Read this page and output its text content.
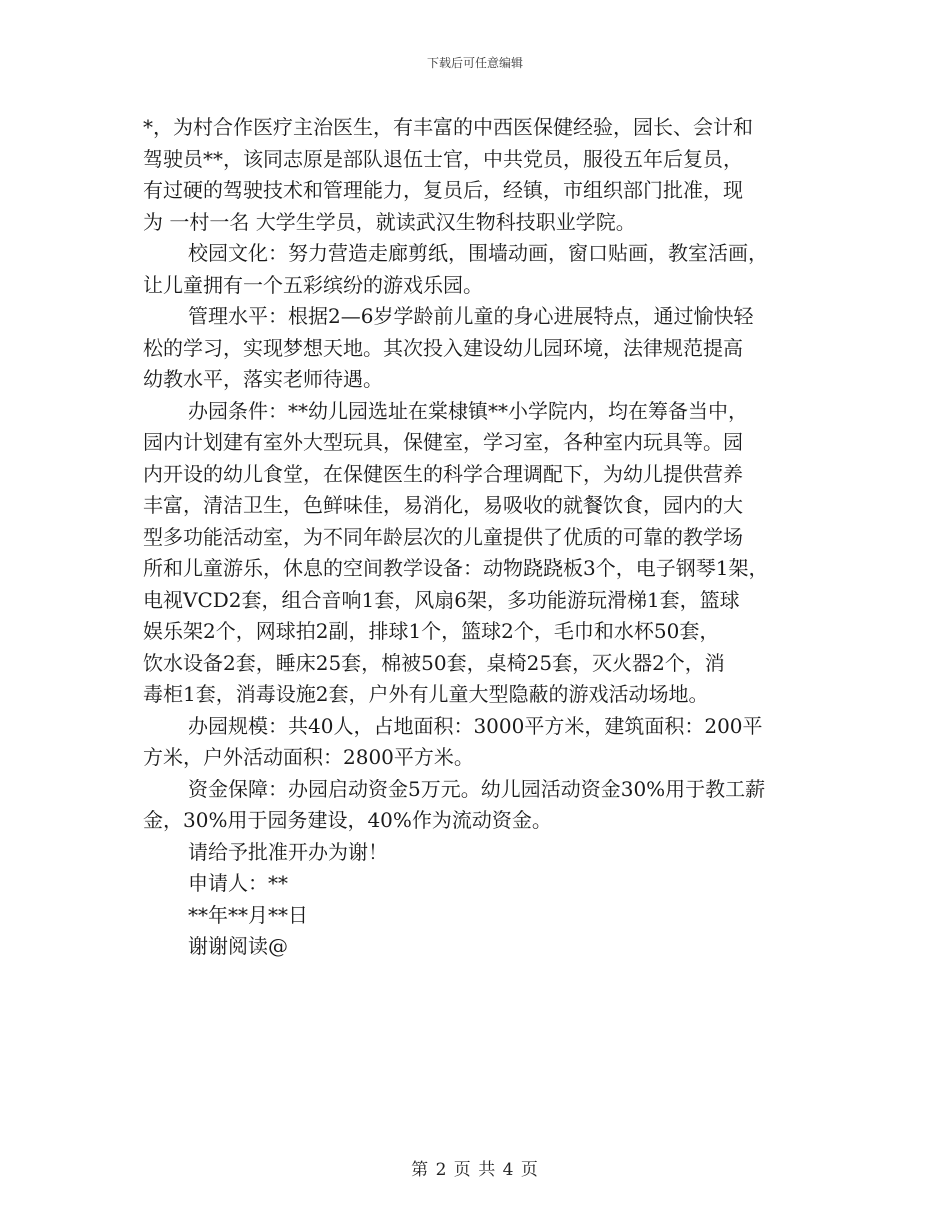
下载后可任意编辑

*，为村合作医疗主治医生，有丰富的中西医保健经验，园长、会计和

驾驶员**，该同志原是部队退伍士官，中共党员，服役五年后复员，

有过硬的驾驶技术和管理能力，复员后，经镇，市组织部门批准，现

为 一村一名 大学生学员，就读武汉生物科技职业学院。

校园文化：努力营造走廊剪纸，围墙动画，窗口贴画，教室活画，

让儿童拥有一个五彩缤纷的游戏乐园。

管理水平：根据2—6岁学龄前儿童的身心进展特点，通过愉快轻

松的学习，实现梦想天地。其次投入建设幼儿园环境，法律规范提高

幼教水平，落实老师待遇。

办园条件：**幼儿园选址在棠棣镇**小学院内，均在筹备当中，

园内计划建有室外大型玩具，保健室，学习室，各种室内玩具等。园

内开设的幼儿食堂，在保健医生的科学合理调配下，为幼儿提供营养

丰富，清洁卫生，色鲜味佳，易消化，易吸收的就餐饮食，园内的大

型多功能活动室，为不同年龄层次的儿童提供了优质的可靠的教学场

所和儿童游乐，休息的空间教学设备：动物跷跷板3个，电子钢琴1架，

电视VCD2套，组合音响1套，风扇6架，多功能游玩滑梯1套，篮球

娱乐架2个，网球拍2副，排球1个，篮球2个，毛巾和水杯50套，

饮水设备2套，睡床25套，棉被50套，桌椅25套，灭火器2个，消

毒柜1套，消毒设施2套，户外有儿童大型隐蔽的游戏活动场地。

办园规模：共40人，占地面积：3000平方米，建筑面积：200平

方米，户外活动面积：2800平方米。

资金保障：办园启动资金5万元。幼儿园活动资金30%用于教工薪

金，30%用于园务建设，40%作为流动资金。

请给予批准开办为谢！

申请人：**

**年**月**日

谢谢阅读@

第 2 页 共 4 页
